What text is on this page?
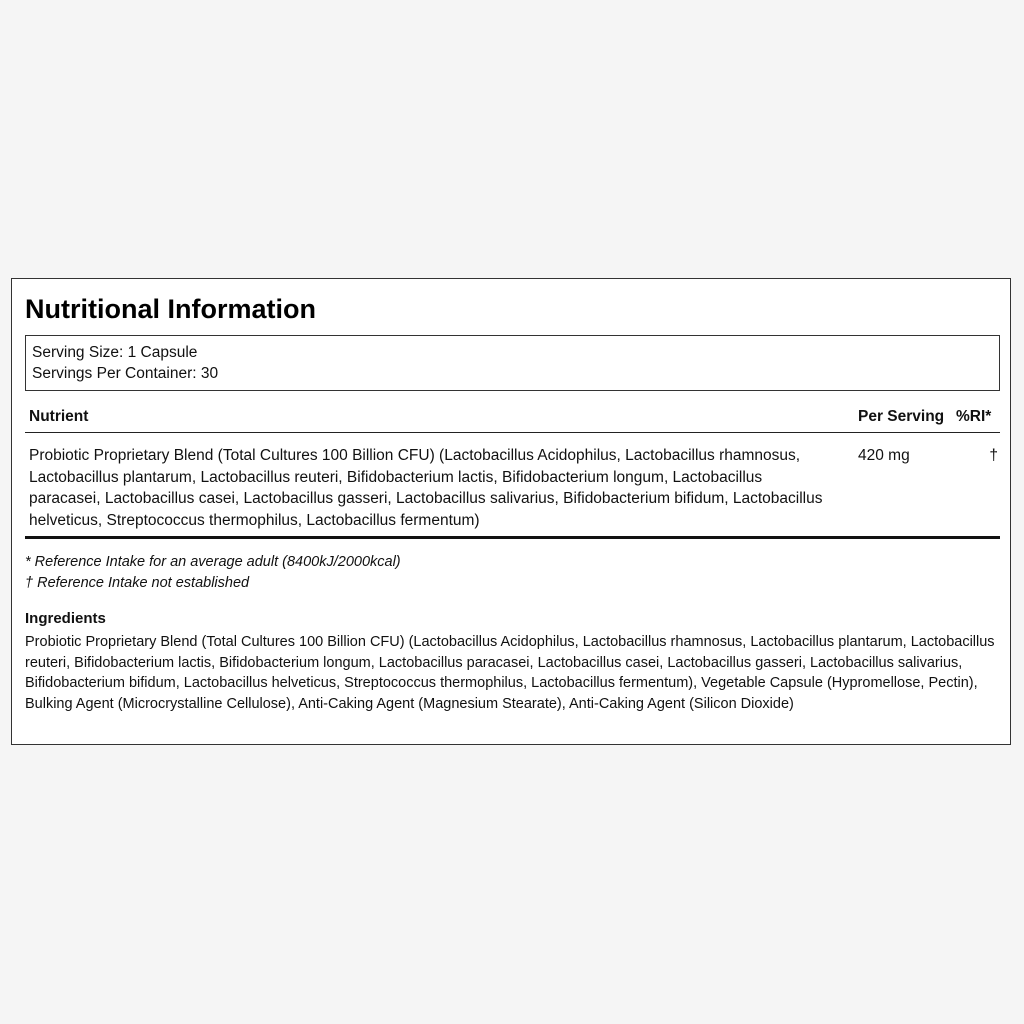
Nutritional Information
Serving Size: 1 Capsule
Servings Per Container: 30
Nutrient	Per Serving %RI*
Probiotic Proprietary Blend (Total Cultures 100 Billion CFU) (Lactobacillus Acidophilus, Lactobacillus rhamnosus, Lactobacillus plantarum, Lactobacillus reuteri, Bifidobacterium lactis, Bifidobacterium longum, Lactobacillus paracasei, Lactobacillus casei, Lactobacillus gasseri, Lactobacillus salivarius, Bifidobacterium bifidum, Lactobacillus helveticus, Streptococcus thermophilus, Lactobacillus fermentum)
420 mg	†
* Reference Intake for an average adult (8400kJ/2000kcal)
† Reference Intake not established
Ingredients
Probiotic Proprietary Blend (Total Cultures 100 Billion CFU) (Lactobacillus Acidophilus, Lactobacillus rhamnosus, Lactobacillus plantarum, Lactobacillus reuteri, Bifidobacterium lactis, Bifidobacterium longum, Lactobacillus paracasei, Lactobacillus casei, Lactobacillus gasseri, Lactobacillus salivarius, Bifidobacterium bifidum, Lactobacillus helveticus, Streptococcus thermophilus, Lactobacillus fermentum), Vegetable Capsule (Hypromellose, Pectin), Bulking Agent (Microcrystalline Cellulose), Anti-Caking Agent (Magnesium Stearate), Anti-Caking Agent (Silicon Dioxide)
